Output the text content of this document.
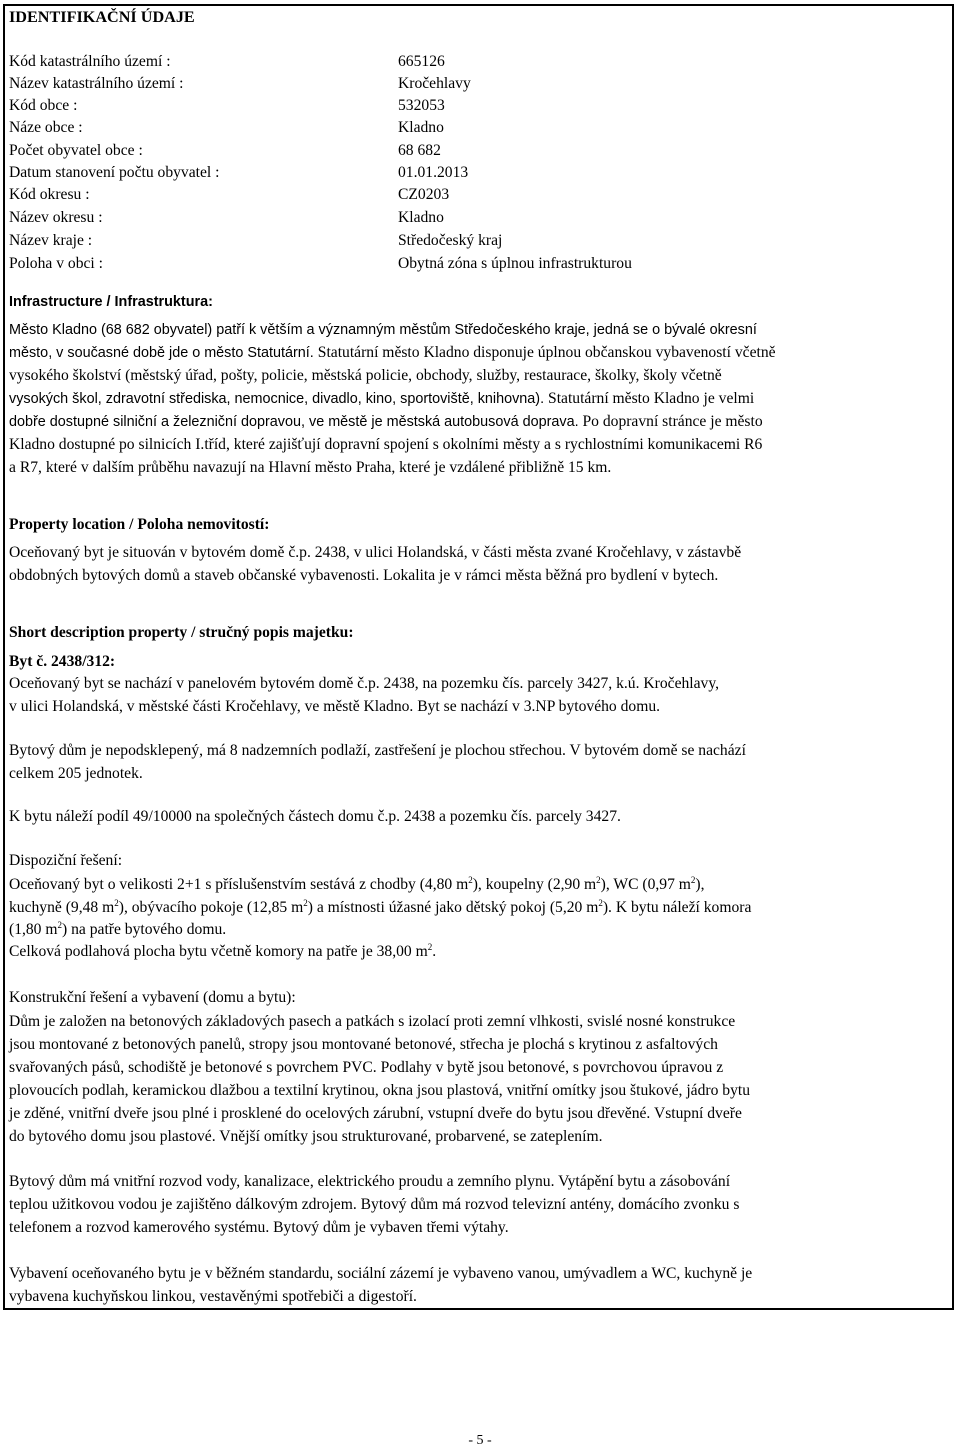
IDENTIFIKAČNÍ ÚDAJE
Kód katastrálního území :	665126
Název katastrálního území :	Kročehlavy
Kód obce :	532053
Náze obce :	Kladno
Počet obyvatel obce :	68 682
Datum stanovení počtu obyvatel :	01.01.2013
Kód okresu :	CZ0203
Název okresu :	Kladno
Název kraje :	Středočeský kraj
Poloha v obci :	Obytná zóna s úplnou infrastrukturou
Infrastructure / Infrastruktura:
Město Kladno (68 682 obyvatel) patří k větším a významným městům Středočeského kraje, jedná se o bývalé okresní
město, v současné době jde o město Statutární. Statutární město Kladno disponuje úplnou občanskou vybaveností včetně
vysokého školství (městský úřad, pošty, policie, městská policie, obchody, služby, restaurace, školky, školy včetně
vysokých škol, zdravotní střediska, nemocnice, divadlo, kino, sportoviště, knihovna). Statutární město Kladno je velmi
dobře dostupné silniční a železniční dopravou, ve městě je městská autobusová doprava. Po dopravní stránce je město
Kladno dostupné po silnicích I.tříd, které zajišťují dopravní spojení s okolními městy a s rychlostními komunikacemi R6
a R7, které v dalším průběhu navazují na Hlavní město Praha, které je vzdálené přibližně 15 km.
Property location / Poloha nemovitostí:
Oceňovaný byt je situován v bytovém domě č.p. 2438, v ulici Holandská, v části města zvané Kročehlavy, v zástavbě
obdobných bytových domů a staveb občanské vybavenosti. Lokalita je v rámci města běžná pro bydlení v bytech.
Short description property / stručný popis majetku:
Byt č. 2438/312:
Oceňovaný byt se nachází v panelovém bytovém domě č.p. 2438, na pozemku čís. parcely 3427, k.ú. Kročehlavy,
v ulici Holandská, v městské části Kročehlavy, ve městě Kladno. Byt se nachází v 3.NP bytového domu.
Bytový dům je nepodsklepený, má 8 nadzemních podlaží, zastřešení je plochou střechou. V bytovém domě se nachází
celkem 205 jednotek.
K bytu náleží podíl 49/10000 na společných částech domu č.p. 2438 a pozemku čís. parcely 3427.
Dispoziční řešení:
Oceňovaný byt o velikosti 2+1 s příslušenstvím sestává z chodby (4,80 $m^2$), koupelny (2,90 $m^2$), WC (0,97 $m^2$),
kuchyně (9,48 $m^2$), obývacího pokoje (12,85 $m^2$) a místnosti úžasné jako dětský pokoj (5,20 $m^2$). K bytu náleží komora
(1,80 $m^2$) na patře bytového domu.
Celková podlahová plocha bytu včetně komory na patře je 38,00 $m^2$.
Konstrukční řešení a vybavení (domu a bytu):
Dům je založen na betonových základových pasech a patkách s izolací proti zemní vlhkosti, svislé nosné konstrukce
jsou montované z betonových panelů, stropy jsou montované betonové, střecha je plochá s krytinou z asfaltových
svařovaných pásů, schodiště je betonové s povrchem PVC. Podlahy v bytě jsou betonové, s povrchovou úpravou z
plovoucích podlah, keramickou dlažbou a textilní krytinou, okna jsou plastová, vnitřní omítky jsou štukové, jádro bytu
je zděné, vnitřní dveře jsou plné i prosklené do ocelových zárubní, vstupní dveře do bytu jsou dřevěné. Vstupní dveře
do bytového domu jsou plastové. Vnější omítky jsou strukturované, probarvené, se zateplením.
Bytový dům má vnitřní rozvod vody, kanalizace, elektrického proudu a zemního plynu. Vytápění bytu a zásobování
teplou užitkovou vodou je zajištěno dálkovým zdrojem. Bytový dům má rozvod televizní antény, domácího zvonku s
telefonem a rozvod kamerového systému. Bytový dům je vybaven třemi výtahy.
Vybavení oceňovaného bytu je v běžném standardu, sociální zázemí je vybaveno vanou, umývadlem a WC, kuchyně je
vybavena kuchyňskou linkou, vestavěnými spotřebiči a digestoří.
- 5 -
